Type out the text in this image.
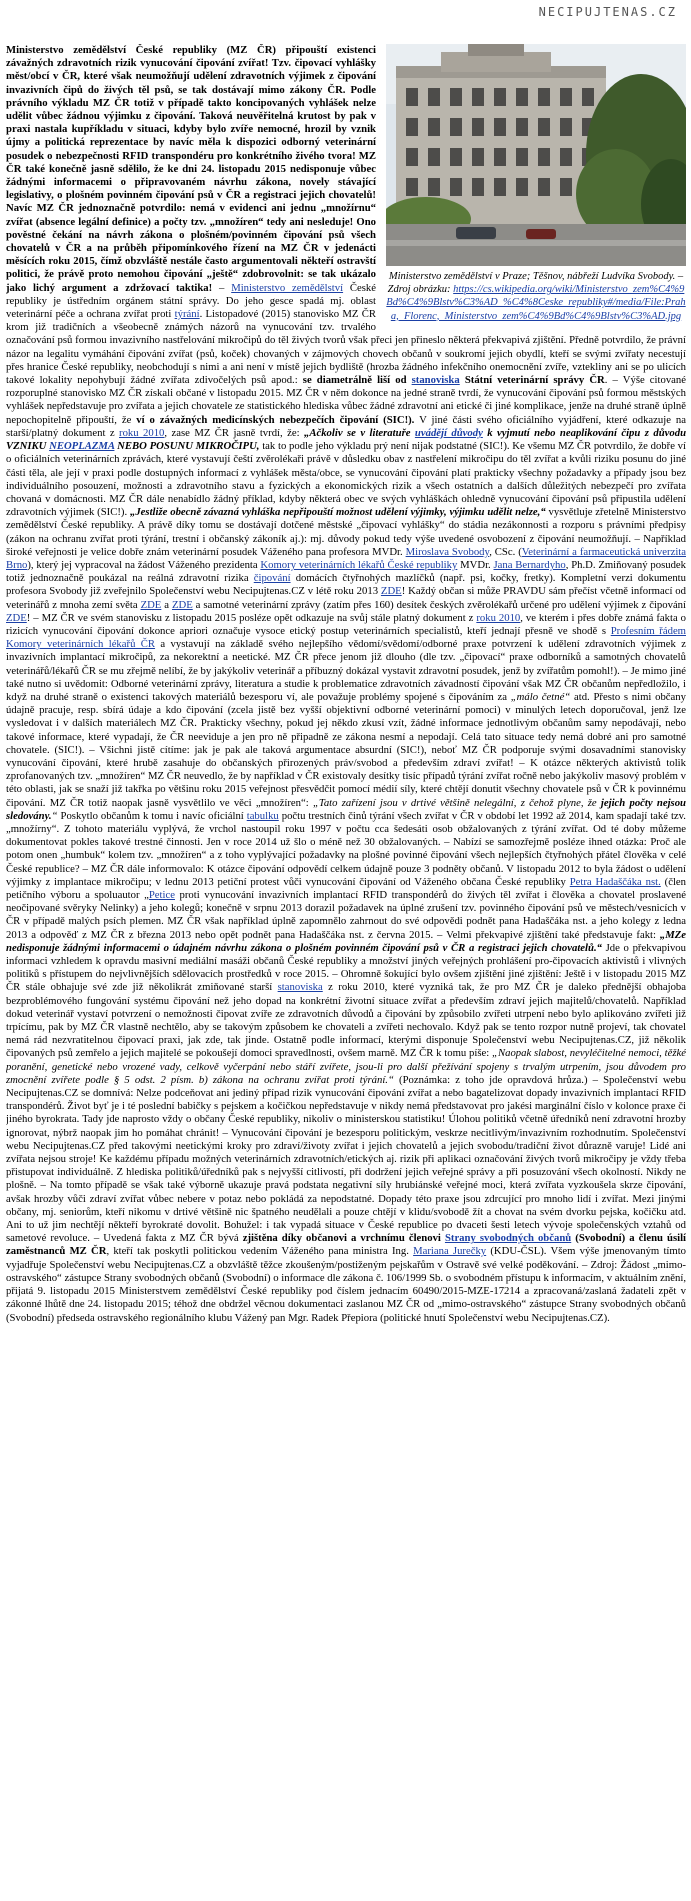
NECIPUJTENAS.CZ
Ministerstvo zemědělství v Praze; Těšnov, nábřeží Ludvíka Svobody. – Zdroj obrázku: https://cs.wikipedia.org/wiki/Ministerstvo_zem%C4%9Bd%C4%9Blstv%C3%AD_%C4%8Ceske_republiky#/media/File:Praha,_Florenc,_Ministerstvo_zem%C4%9Bd%C4%9Blstv%C3%AD.jpg
Ministerstvo zemědělství České republiky (MZ ČR) připouští existenci závažných zdravotních rizik vynucování čipování zvířat! Tzv. čipovací vyhlášky měst/obcí v ČR, které však neumožňují udělení zdravotních výjimek z čipování invazivních čipů do živých těl psů, se tak dostávají mimo zákony ČR. Podle právního výkladu MZ ČR totiž v případě takto koncipovaných vyhlášek nelze udělit vůbec žádnou výjimku z čipování. Taková neuvěřitelná krutost by pak v praxi nastala kupříkladu v situaci, kdyby bylo zvíře nemocné, hrozil by vznik újmy a politická reprezentace by navíc měla k dispozici odborný veterinární posudek o nebezpečnosti RFID transpondéru pro konkrétního živého tvora! MZ ČR také konečně jasně sdělilo, že ke dni 24. listopadu 2015 nedisponuje vůbec žádnými informacemi o připravovaném návrhu zákona, novely stávající legislativy, o plošném povinném čipování psů v ČR a registraci jejich chovatelů! Navíc MZ ČR jednoznačně potvrdilo: nemá v evidenci ani jednu „množírnu“ zvířat (absence legální definice) a počty tzv. „množíren“ tedy ani nesleduje! Ono pověstné čekání na návrh zákona o plošném/povinném čipování psů všech chovatelů v ČR a na průběh připomínkového řízení na MZ ČR v jedenácti měsících roku 2015, čímž obzvláště nestále často argumentovali někteří ostravští politici, že právě proto nemohou čipování „ještě“ zdobrovolnit: se tak ukázalo jako lichý argument a zdržovací taktika! – Ministerstvo zemědělství České republiky je ústředním orgánem státní správy. Do jeho gesce spadá mj. oblast veterinární péče a ochrana zvířat proti týrání. Listopadové (2015) stanovisko MZ ČR krom již tradičních a všeobecně známých názorů na vynucování tzv. trvalého označování psů formou invazivního nastřelování mikročipů do těl živých tvorů však přeci jen přineslo některá překvapivá zjištění. Předně potvrdilo, že právní názor na legalitu vymáhání čipování zvířat (psů, koček) chovaných v zájmových chovech občanů v soukromí jejich obydlí, kteří se svými zvířaty necestují přes hranice České republiky, neobchodují s nimi a ani není v místě jejich bydliště (hrozba žádného infekčního onemocnění zvíře, vztekliny ani se po ulicích takové lokality nepohybují žádné zvířata zdivočelých psů apod.: se diametrálně liší od stanoviska Státní veterinární správy ČR. – Výše citované rozporuplné stanovisko MZ ČR získali občané v listopadu 2015. MZ ČR v něm dokonce na jedné straně tvrdí, že vynucování čipování psů formou městských vyhlášek nepředstavuje pro zvířata a jejich chovatele ze statistického hlediska vůbec žádné zdravotní ani etické či jiné komplikace, jenže na druhé straně úplně nepochopitelně připouští, že ví o závažných medicínských nebezpečích čipování (SIC!). V jiné části svého oficiálního vyjádření, které odkazuje na starší/platný dokument z roku 2010, zase MZ ČR jasně tvrdí, že: „Ačkoliv se v literatuře uvádějí důvody k vyjmutí nebo neaplikování čipu z důvodu VZNIKU NEOPLAZMA NEBO POSUNU MIKROČIPU, tak to podle jeho výkladu prý není nijak podstatné (SIC!). Ke všemu MZ ČR potvrdilo, že dobře ví o oficiálních veterinárních zprávách, které vystavují čeští zvěrolékaři právě v důsledku obav z nastřelení mikročipu do těl zvířat a kvůli riziku posunu do jiné části těla, ale její v praxi podle dostupných informací z vyhlášek města/obce, se vynucování čipování platí prakticky všechny požadavky a případy jsou bez individuálního posouzení, možnosti a zdravotního stavu a fyzických a ekonomických rizik a všech ostatních a dalších důležitých nebezpečí pro zvířata chovaná v domácnosti. MZ ČR dále nenabídlo žádný příklad, kdyby některá obec ve svých vyhláškách ohledně vynucování čipování psů připustila udělení zdravotních výjimek (SIC!). „Jestliže obecně závazná vyhláška nepřipouští možnost udělení výjimky, výjimku udělit nelze,“ vysvětluje zřetelně Ministerstvo zemědělství České republiky. A právě díky tomu se dostávají dotčené městské „čipovací vyhlášky“ do stádia nezákonnosti a rozporu s právními předpisy (zákon na ochranu zvířat proti týrání, trestní i občanský zákoník aj.): mj. důvody pokud tedy výše uvedené osvobození z čipování neumožňují. – Například široké veřejnosti je velice dobře znám veterinární posudek Váženého pana profesora MVDr. Miroslava Svobody, CSc. (Veterinární a farmaceutická univerzita Brno), který jej vypracoval na žádost Váženého prezidenta Komory veterinárních lékařů České republiky MVDr. Jana Bernardyho, Ph.D. Zmiňovaný posudek totiž jednoznačně poukázal na reálná zdravotní rizika čipování domácích čtyřnohých mazlíčků (např. psi, kočky, fretky). Kompletní verzi dokumentu profesora Svobody již zveřejnilo Společenství webu Necipujtenas.CZ v létě roku 2013 ZDE! Každý občan si může PRAVDU sám přečíst včetně informací od veterinářů z mnoha zemí světa ZDE a ZDE a samotné veterinární zprávy (zatím přes 160) desítek českých zvěrolékařů určené pro udělení výjimek z čipování ZDE! – MZ ČR ve svém stanovisku z listopadu 2015 posléze opět odkazuje na svůj stále platný dokument z roku 2010, ve kterém i přes dobře známá fakta o rizicích vynucování čipování dokonce apriori označuje vysoce etický postup veterinárních specialistů, kteří jednají přesně ve shodě s Profesním řádem Komory veterinárních lékařů ČR a vystavují na základě svého nejlepšího vědomí/svědomí/odborné praxe potvrzení k udělení zdravotních výjimek z invazivních implantací mikročipů, za nekorektní a neetické. MZ ČR přece jenom již dlouho (dle tzv. „čipovací“ praxe odborníků a samotných chovatelů veterinářů/lékařů ČR se mu zřejmě nelíbí, že by jakýkoliv veterinář a příbuzný dokázal vystavit zdravotní posudek, jenž by zvířatům pomohl!). – Je mimo jiné také nutno si uvědomit: Odborné veterinární zprávy, literatura a studie k problematice zdravotních závadností čipování však MZ ČR občanům nepředložilo, i když na druhé straně o existenci takových materiálů bezesporu ví, ale považuje problémy spojené s čipováním za „málo četné“ atd. Přesto s nimi občany údajně pracuje, resp. sbírá údaje a kdo čipování (zcela jistě bez vyšší objektivní odborné veterinární pomoci) v minulých letech doporučoval, jenž lze vysledovat i v dalších materiálech MZ ČR. Prakticky všechny, pokud jej někdo zkusí vzít, žádné informace jednotlivým občanům samy nepodávají, nebo takové informace, které vypadají, že ČR neeviduje a jen pro ně připadně ze zákona nesmí a nepodají. Celá tato situace tedy nemá dobré ani pro samotné chovatele. (SIC!). – Všichni jistě cítíme: jak je pak ale taková argumentace absurdní (SIC!), neboť MZ ČR podporuje svými dosavadními stanovisky vynucování čipování, které hrubě zasahuje do občanských přirozených práv/svobod a především zdraví zvířat! – K otázce některých aktivistů tolik zprofanovaných tzv. „množíren“ MZ ČR neuvedlo, že by například v ČR existovaly desítky tisíc případů týrání zvířat ročně nebo jakýkoliv masový problém v této oblasti, jak se snaží již takřka po většinu roku 2015 veřejnost přesvědčit pomocí médií síly, které chtějí donutit všechny chovatele psů v ČR k povinnému čipování. MZ ČR totiž naopak jasně vysvětlilo ve věci „množíren“: „Tato zařízení jsou v drtivé většině nelegální, z čehož plyne, že jejich počty nejsou sledovány.“ Poskytlo občanům k tomu i navíc oficiální tabulku počtu trestních činů týrání všech zvířat v ČR v období let 1992 až 2014, kam spadají také tzv. „množírny“. Z tohoto materiálu vyplývá, že vrchol nastoupil roku 1997 v počtu cca šedesáti osob obžalovaných z týrání zvířat. Od té doby můžeme dokumentovat pokles takové trestné činnosti. Jen v roce 2014 už šlo o méně než 30 obžalovaných. – Nabízí se samozřejmě posléze ihned otázka: Proč ale potom onen „humbuk“ kolem tzv. „množíren“ a z toho vyplývající požadavky na plošné povinné čipování všech nejlepších čtyřnohých přátel člověka v celé České republice? – MZ ČR dále informovalo: K otázce čipování odpovědí celkem údajně pouze 3 podněty občanů. V listopadu 2012 to byla žádost o udělení výjimky z implantace mikročipu; v lednu 2013 petiční protest vůči vynucování čipování od Váženého občana České republiky Petra Hadaščáka nst. (člen petičního výboru a spoluautor „Petice proti vynucování invazivních implantací RFID transpondérů do živých těl zvířat i člověka a chovatel proslavené neočipované svěryky Nelinky) a jeho kolegů; konečně v srpnu 2013 dorazil požadavek na úplné zrušení tzv. povinného čipování psů ve městech/vesnicích v ČR v případě malých psích plemen. MZ ČR však například úplně zapomnělo zahrnout do své odpovědi podnět pana Hadaščáka nst. a jeho kolegy z ledna 2013 a odpověď z MZ ČR z března 2013 nebo opět podnět pana Hadaščáka nst. z června 2015. – Velmi překvapivé zjištění také představuje fakt: „MZe nedisponuje žádnými informacemi o údajném návrhu zákona o plošném povinném čipování psů v ČR a registraci jejich chovatelů.“ Jde o překvapivou informaci vzhledem k opravdu masivní mediální masáži občanů České republiky a množství jiných veřejných prohlášení pro-čipovacích aktivistů i vlivných politiků s přístupem do nejvlivnějších sdělovacích prostředků v roce 2015. – Ohromně šokující bylo ovšem zjištění jiné zjištění: Ještě i v listopadu 2015 MZ ČR stále obhajuje své zde již několikrát zmiňované starší stanoviska z roku 2010, které vyzniká tak, že pro MZ ČR je daleko přednější obhajoba bezproblémového fungování systému čipování než jeho dopad na konkrétní životní situace zvířat a především zdraví jejich majitelů/chovatelů. Například dokud veterinář vystaví potvrzení o nemožnosti čipovat zvíře ze zdravotních důvodů a čipování by způsobilo zvířeti utrpení nebo bylo aplikováno zvířeti již trpícímu, pak by MZ ČR vlastně nechtělo, aby se takovým způsobem ke chovateli a zvířeti nechovalo. Když pak se tento rozpor nutně projeví, tak chovatel nemá rád nezvratitelnou čipovací praxi, jak zde, tak jinde. Ostatně podle informací, kterými disponuje Společenství webu Necipujtenas.CZ, již několik čipovaných psů zemřelo a jejich majitelé se pokoušejí domoci spravedlnosti, ovšem marně. MZ ČR k tomu píše: „Naopak slabost, nevyléčitelné nemoci, těžké poranění, genetické nebo vrozené vady, celkově vyčerpání nebo stáří zvířete, jsou-li pro další přežívání spojeny s trvalým utrpením, jsou důvodem pro zmocnění zvířete podle § 5 odst. 2 písm. b) zákona na ochranu zvířat proti týrání.“ (Poznámka: z toho jde opravdová hrůza.) – Společenství webu Necipujtenas.CZ se domnívá: Nelze podceňovat ani jediný případ rizik vynucování čipování zvířat a nebo bagatelizovat dopady invazivních implantací RFID transpondérů. Život byť je i té poslední babičky s pejskem a kočičkou nepředstavuje v nikdy nemá představovat pro jakési marginální číslo v kolonce praxe či jiného byrokrata. Tady jde naprosto vždy o občany České republiky, nikoliv o ministerskou statistiku! Úlohou politiků včetně úředníků není zdravotní hrozby ignorovat, nýbrž naopak jim ho pomáhat chránit! – Vynucování čipování je bezesporu politickým, veskrze necitlivým/invazivním rozhodnutím. Společenství webu Necipujtenas.CZ před takovými neetickými kroky pro zdraví/životy zvířat i jejich chovatelů a jejich svobodu/tradiční život důrazně varuje! Lidé ani zvířata nejsou stroje! Ke každému případu možných veterinárních zdravotních/etických aj. rizik při aplikaci označování živých tvorů mikročipy je vždy třeba přistupovat individuálně. Z hlediska politiků/úředníků pak s nejvyšší citlivostí, při dodržení jejich veřejné správy a při posuzování všech okolností. Nikdy ne plošně. – Na tomto případě se však také výborně ukazuje pravá podstata negativní síly hrubiánské veřejné moci, která zvířata vyzkoušela skrze čipování, avšak hrozby vůči zdraví zvířat vůbec nebere v potaz nebo pokládá za nepodstatné. Dopady této praxe jsou zdrcující pro mnoho lidí i zvířat. Mezi jinými občany, mj. seniorům, kteří nikomu v drtivé většině nic špatného neudělali a pouze chtějí v klidu/svobodě žít a chovat na svém dvorku pejska, kočičku atd. Ani to už jim nechtějí někteří byrokraté dovolit. Bohužel: i tak vypadá situace v České republice po dvaceti šesti letech vývoje společenských vztahů od sametové revoluce. – Uvedená fakta z MZ ČR bývá zjištěna díky občanovi a vrchnímu členovi Strany svobodných občanů (Svobodní) a členu úsilí zaměstnanců MZ ČR, kteří tak poskytli politickou vedením Váženého pana ministra Ing. Mariana Jurečky (KDU-ČSL). Všem výše jmenovaným tímto vyjadřuje Společenství webu Necipujtenas.CZ a obzvláště těžce zkoušeným/postiženým pejskařům v Ostravě své velké poděkování. – Zdroj: Žádost „mimo-ostravského“ zástupce Strany svobodných občanů (Svobodní) o informace dle zákona č. 106/1999 Sb. o svobodném přístupu k informacím, v aktuálním znění, přijatá 9. listopadu 2015 Ministerstvem zemědělství České republiky pod číslem jednacím 60490/2015-MZE-17214 a zpracovaná/zaslaná žadateli zpět v zákonné lhůtě dne 24. listopadu 2015; téhož dne obdržel věcnou dokumentaci zaslanou MZ ČR od „mimo-ostravského“ zástupce Strany svobodných občanů (Svobodní) předseda ostravského regionálního klubu Vážený pan Mgr. Radek Přepiora (politické hnutí Společenství webu Necipujtenas.CZ).
